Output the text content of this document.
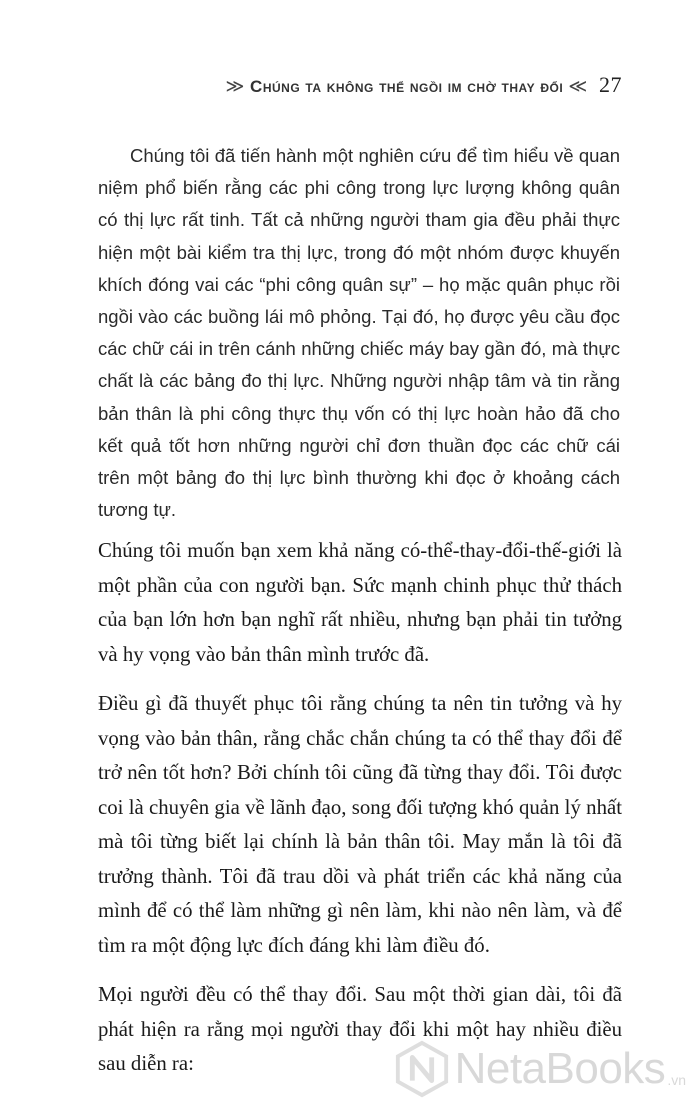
≫ Chúng ta không thể ngồi im chờ thay đổi ≪ 27

Chúng tôi đã tiến hành một nghiên cứu để tìm hiểu về quan niệm phổ biến rằng các phi công trong lực lượng không quân có thị lực rất tinh. Tất cả những người tham gia đều phải thực hiện một bài kiểm tra thị lực, trong đó một nhóm được khuyến khích đóng vai các “phi công quân sự” – họ mặc quân phục rồi ngồi vào các buồng lái mô phỏng. Tại đó, họ được yêu cầu đọc các chữ cái in trên cánh những chiếc máy bay gần đó, mà thực chất là các bảng đo thị lực. Những người nhập tâm và tin rằng bản thân là phi công thực thụ vốn có thị lực hoàn hảo đã cho kết quả tốt hơn những người chỉ đơn thuần đọc các chữ cái trên một bảng đo thị lực bình thường khi đọc ở khoảng cách tương tự.

Chúng tôi muốn bạn xem khả năng có-thể-thay-đổi-thế-giới là một phần của con người bạn. Sức mạnh chinh phục thử thách của bạn lớn hơn bạn nghĩ rất nhiều, nhưng bạn phải tin tưởng và hy vọng vào bản thân mình trước đã.

Điều gì đã thuyết phục tôi rằng chúng ta nên tin tưởng và hy vọng vào bản thân, rằng chắc chắn chúng ta có thể thay đổi để trở nên tốt hơn? Bởi chính tôi cũng đã từng thay đổi. Tôi được coi là chuyên gia về lãnh đạo, song đối tượng khó quản lý nhất mà tôi từng biết lại chính là bản thân tôi. May mắn là tôi đã trưởng thành. Tôi đã trau dồi và phát triển các khả năng của mình để có thể làm những gì nên làm, khi nào nên làm, và để tìm ra một động lực đích đáng khi làm điều đó.

Mọi người đều có thể thay đổi. Sau một thời gian dài, tôi đã phát hiện ra rằng mọi người thay đổi khi một hay nhiều điều sau diễn ra:	NetaBooks .vn
